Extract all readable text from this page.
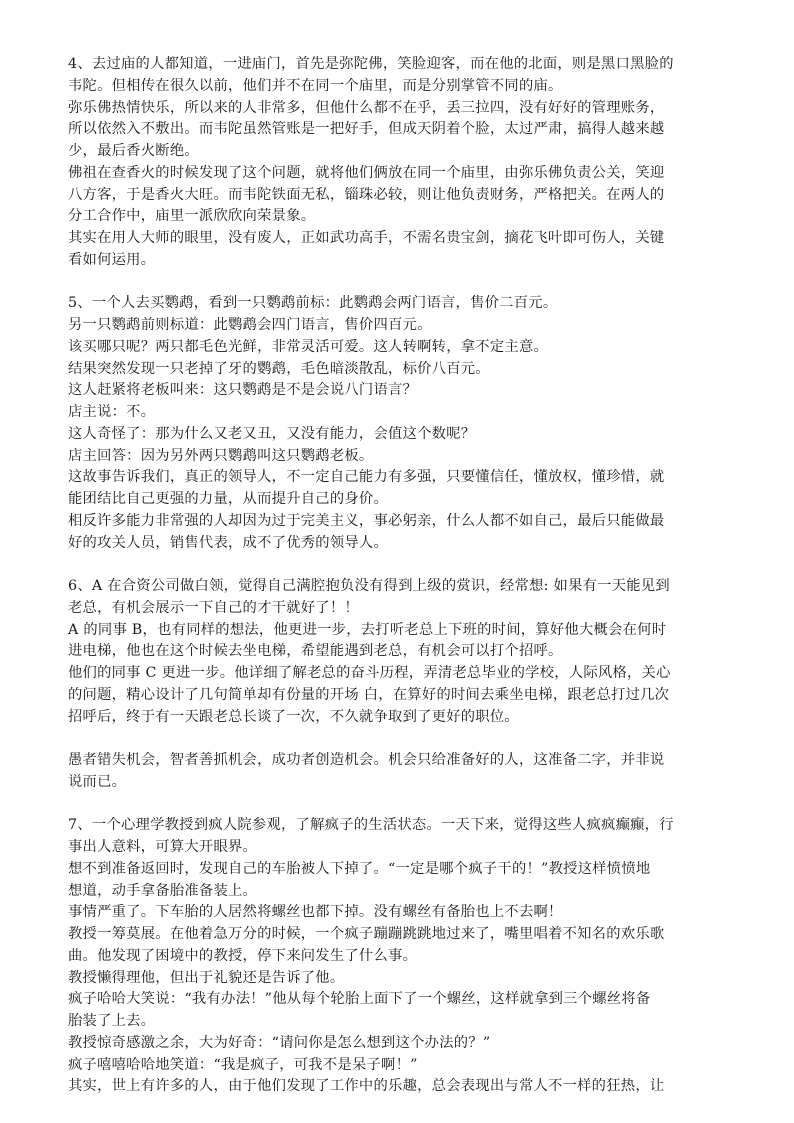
4、去过庙的人都知道，一进庙门，首先是弥陀佛，笑脸迎客，而在他的北面，则是黑口黑脸的
韦陀。但相传在很久以前，他们并不在同一个庙里，而是分别掌管不同的庙。
弥乐佛热情快乐，所以来的人非常多，但他什么都不在乎，丢三拉四，没有好好的管理账务，
所以依然入不敷出。而韦陀虽然管账是一把好手，但成天阴着个脸，太过严肃，搞得人越来越
少，最后香火断绝。
佛祖在查香火的时候发现了这个问题，就将他们俩放在同一个庙里，由弥乐佛负责公关，笑迎
八方客，于是香火大旺。而韦陀铁面无私，锱珠必较，则让他负责财务，严格把关。在两人的
分工合作中，庙里一派欣欣向荣景象。
其实在用人大师的眼里，没有废人，正如武功高手，不需名贵宝剑，摘花飞叶即可伤人，关键
看如何运用。
5、一个人去买鹦鹉，看到一只鹦鹉前标：此鹦鹉会两门语言，售价二百元。
另一只鹦鹉前则标道：此鹦鹉会四门语言，售价四百元。
该买哪只呢？两只都毛色光鲜，非常灵活可爱。这人转啊转，拿不定主意。
结果突然发现一只老掉了牙的鹦鹉，毛色暗淡散乱，标价八百元。
这人赶紧将老板叫来：这只鹦鹉是不是会说八门语言？
店主说：不。
这人奇怪了：那为什么又老又丑，又没有能力，会值这个数呢？
店主回答：因为另外两只鹦鹉叫这只鹦鹉老板。
这故事告诉我们，真正的领导人，不一定自己能力有多强，只要懂信任，懂放权，懂珍惜，就
能团结比自己更强的力量，从而提升自己的身价。
相反许多能力非常强的人却因为过于完美主义，事必躬亲，什么人都不如自己，最后只能做最
好的攻关人员，销售代表，成不了优秀的领导人。
6、A 在合资公司做白领，觉得自己满腔抱负没有得到上级的赏识，经常想: 如果有一天能见到
老总，有机会展示一下自己的才干就好了！！
A 的同事 B，也有同样的想法，他更进一步，去打听老总上下班的时间，算好他大概会在何时
进电梯，他也在这个时候去坐电梯，希望能遇到老总，有机会可以打个招呼。
他们的同事 C 更进一步。他详细了解老总的奋斗历程，弄清老总毕业的学校，人际风格，关心
的问题，精心设计了几句简单却有份量的开场 白，在算好的时间去乘坐电梯，跟老总打过几次
招呼后，终于有一天跟老总长谈了一次，不久就争取到了更好的职位。
愚者错失机会，智者善抓机会，成功者创造机会。机会只给准备好的人，这准备二字，并非说
说而已。
7、一个心理学教授到疯人院参观，了解疯子的生活状态。一天下来，觉得这些人疯疯癫癫，行
事出人意料，可算大开眼界。
想不到准备返回时，发现自己的车胎被人下掉了。“一定是哪个疯子干的！”教授这样愤愤地
想道，动手拿备胎准备装上。
事情严重了。下车胎的人居然将螺丝也都下掉。没有螺丝有备胎也上不去啊！
教授一筹莫展。在他着急万分的时候，一个疯子蹦蹦跳跳地过来了，嘴里唱着不知名的欢乐歌
曲。他发现了困境中的教授，停下来问发生了什么事。
教授懒得理他，但出于礼貌还是告诉了他。
疯子哈哈大笑说：“我有办法！”他从每个轮胎上面下了一个螺丝，这样就拿到三个螺丝将备
胎装了上去。
教授惊奇感激之余，大为好奇：“请问你是怎么想到这个办法的？”
疯子嘻嘻哈哈地笑道：“我是疯子，可我不是呆子啊！”
其实，世上有许多的人，由于他们发现了工作中的乐趣，总会表现出与常人不一样的狂热，让
